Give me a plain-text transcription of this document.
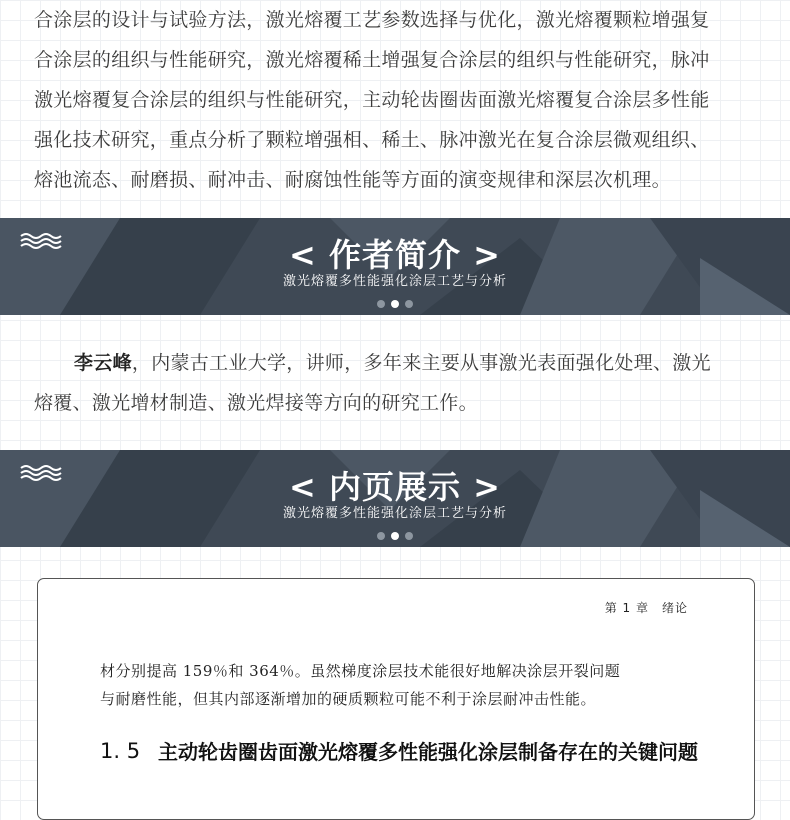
合涂层的设计与试验方法，激光熔覆工艺参数选择与优化，激光熔覆颗粒增强复

合涂层的组织与性能研究，激光熔覆稀土增强复合涂层的组织与性能研究，脉冲

激光熔覆复合涂层的组织与性能研究，主动轮齿圈齿面激光熔覆复合涂层多性能

强化技术研究，重点分析了颗粒增强相、稀土、脉冲激光在复合涂层微观组织、

熔池流态、耐磨损、耐冲击、耐腐蚀性能等方面的演变规律和深层次机理。

< 作者简介 >
激光熔覆多性能强化涂层工艺与分析

李云峰，内蒙古工业大学，讲师，多年来主要从事激光表面强化处理、激光

熔覆、激光增材制造、激光焊接等方向的研究工作。

< 内页展示 >
激光熔覆多性能强化涂层工艺与分析
第 1 章　绪论

材分别提高 159％和 364％。虽然梯度涂层技术能很好地解决涂层开裂问题

与耐磨性能，但其内部逐渐增加的硬质颗粒可能不利于涂层耐冲击性能。

1. 5 主动轮齿圈齿面激光熔覆多性能强化涂层制备存在的关键问题
